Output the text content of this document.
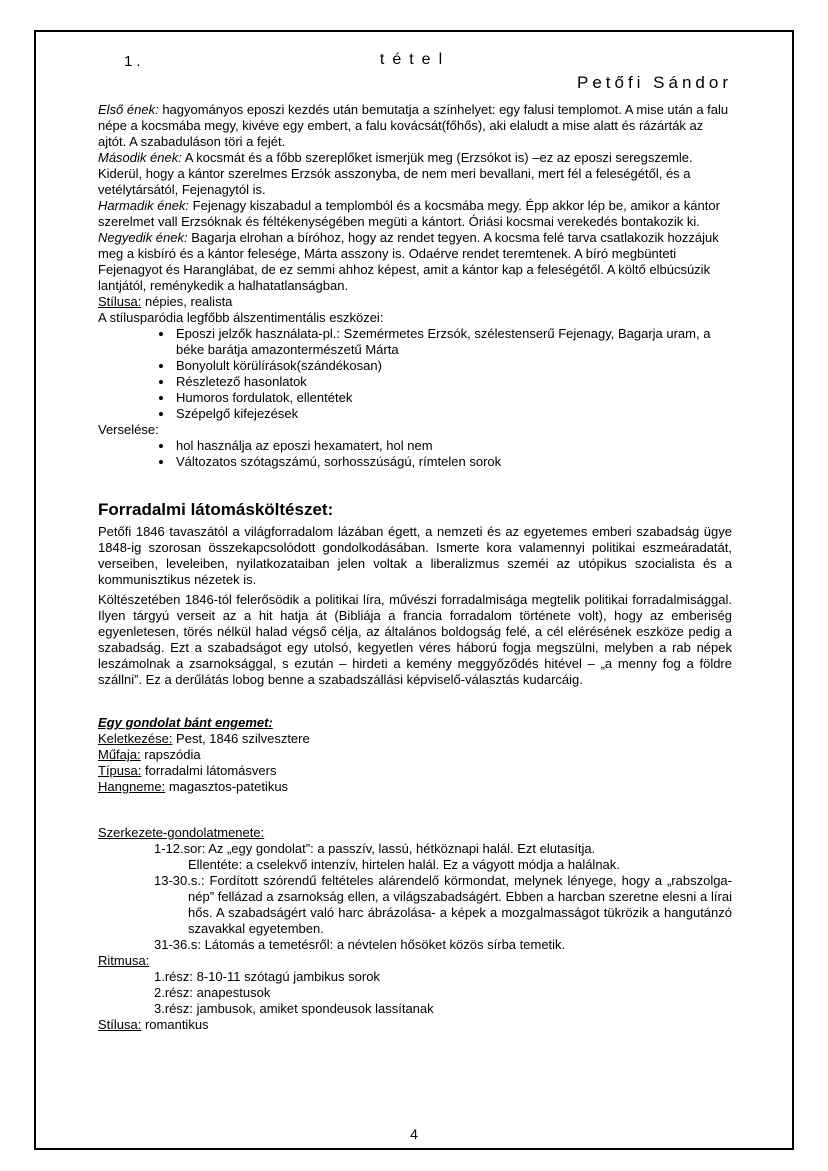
1.	tétel
Petőfi Sándor

Első ének: hagyományos eposzi kezdés után bemutatja a színhelyet: egy falusi templomot. A mise után a falu népe a kocsmába megy, kivéve egy embert, a falu kovácsát(főhős), aki elaludt a mise alatt és rázárták az ajtót. A szabaduláson töri a fejét.

Második ének: A kocsmát és a főbb szereplőket ismerjük meg (Erzsókot is) –ez az eposzi seregszemle. Kiderül, hogy a kántor szerelmes Erzsók asszonyba, de nem meri bevallani, mert fél a feleségétől, és a vetélytársától, Fejenagytól is.

Harmadik ének: Fejenagy kiszabadul a templomból és a kocsmába megy. Épp akkor lép be, amikor a kántor szerelmet vall Erzsóknak és féltékenységében megüti a kántort. Óriási kocsmai verekedés bontakozik ki.

Negyedik ének: Bagarja elrohan a bíróhoz, hogy az rendet tegyen. A kocsma felé tarva csatlakozik hozzájuk meg a kisbíró és a kántor felesége, Márta asszony is. Odaérve rendet teremtenek. A bíró megbünteti Fejenagyot és Haranglábat, de ez semmi ahhoz képest, amit a kántor kap a feleségétől. A költő elbúcsúzik lantjától, reménykedik a halhatatlanságban.

Stílusa: népies, realista

A stílusparódia legfőbb álszentimentális eszközei:

• Eposzi jelzők használata-pl.: Szemérmetes Erzsók, szélestenserű Fejenagy, Bagarja uram, a béke barátja amazontermészetű Márta
• Bonyolult körülírások(szándékosan)
• Részletező hasonlatok
• Humoros fordulatok, ellentétek
• Szépelgő kifejezések

Verselése:

• hol használja az eposzi hexamatert, hol nem
• Változatos szótagszámú, sorhosszúságú, rímtelen sorok
Forradalmi látomásköltészet:

Petőfi 1846 tavaszától a világforradalom lázában égett, a nemzeti és az egyetemes emberi szabadság ügye 1848-ig szorosan összekapcsolódott gondolkodásában. Ismerte kora valamennyi politikai eszmeáradatát, verseiben, leveleiben, nyilatkozataiban jelen voltak a liberalizmus szeméi az utópikus szocialista és a kommunisztikus nézetek is.

Költészetében 1846-tól felerősödik a politikai líra, művészi forradalmisága megtelik politikai forradalmisággal. Ilyen tárgyú verseit az a hit hatja át (Bibliája a francia forradalom története volt), hogy az emberiség egyenletesen, törés nélkül halad végső célja, az általános boldogság felé, a cél elérésének eszköze pedig a szabadság. Ezt a szabadságot egy utolsó, kegyetlen véres háború fogja megszülni, melyben a rab népek leszámolnak a zsarnoksággal, s ezután – hirdeti a kemény meggyőződés hitével – „a menny fog a földre szállni”. Ez a derűlátás lobog benne a szabadszállási képviselő-választás kudarcáig.

Egy gondolat bánt engemet:

Keletkezése: Pest, 1846 szilvesztere

Műfaja: rapszódia

Típusa: forradalmi látomásvers

Hangneme: magasztos-patetikus

Szerkezete-gondolatmenete:

1-12.sor: Az „egy gondolat”: a passzív, lassú, hétköznapi halál. Ezt elutasítja.
Ellentéte: a cselekvő intenzív, hirtelen halál. Ez a vágyott módja a halálnak.
13-30.s.: Fordított szórendű feltételes alárendelő körmondat, melynek lényege, hogy a „rabszolga-nép” fellázad a zsarnokság ellen, a világszabadságért. Ebben a harcban szeretne elesni a lírai hős. A szabadságért való harc ábrázolása- a képek a mozgalmasságot tükrözik a hangutánzó szavakkal egyetemben.
31-36.s: Látomás a temetésről: a névtelen hősöket közös sírba temetik.

Ritmusa:

1.rész: 8-10-11 szótagú jambikus sorok
2.rész: anapestusok
3.rész: jambusok, amiket spondeusok lassítanak

Stílusa: romantikus

4
